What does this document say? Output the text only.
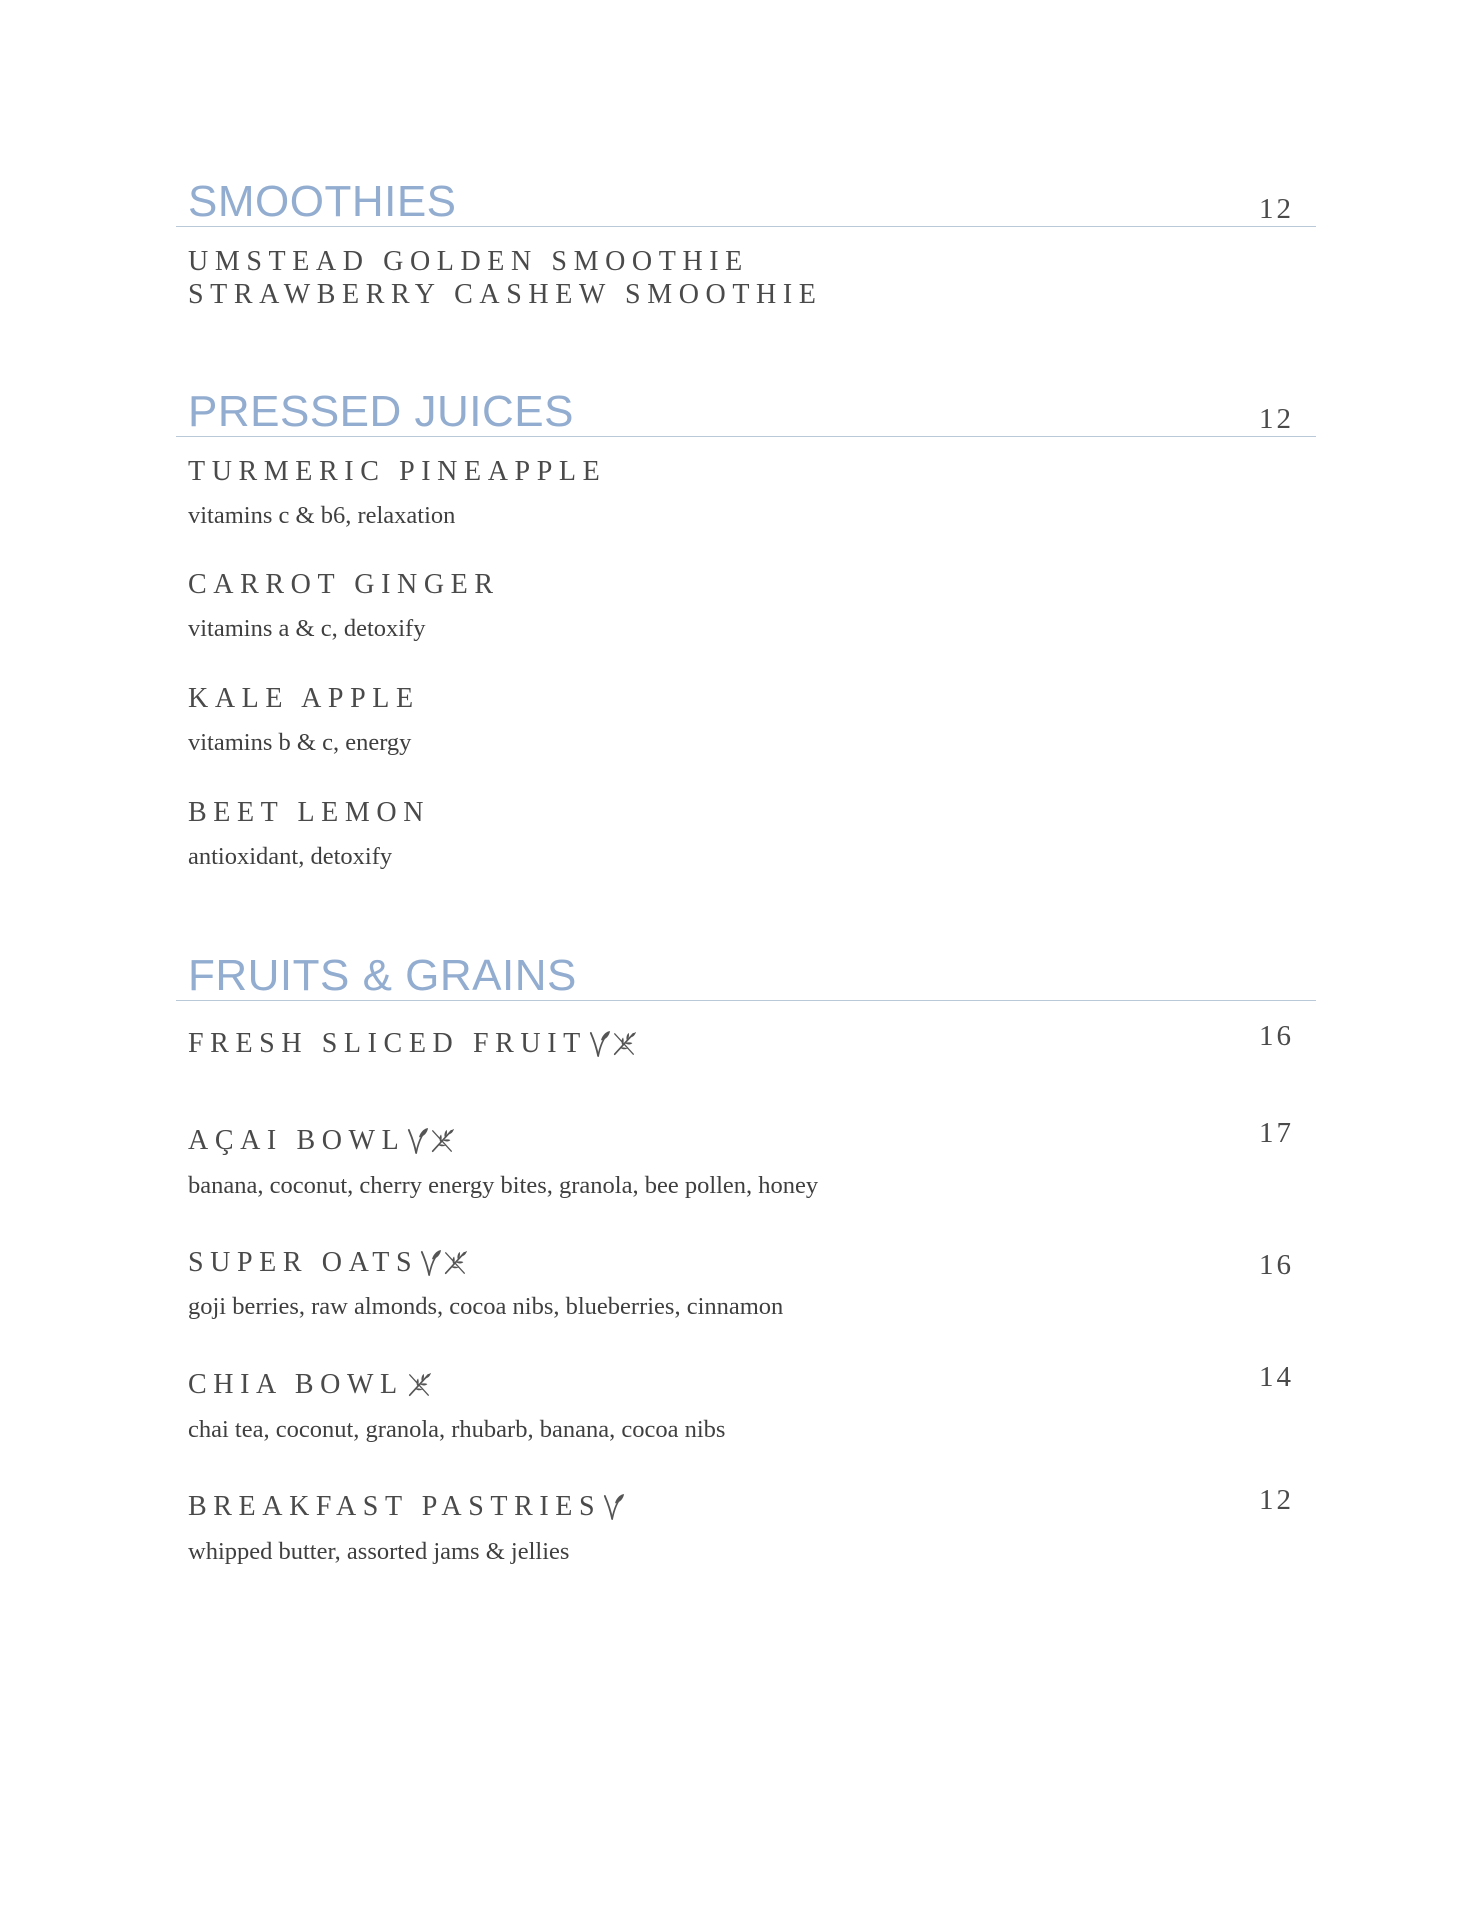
SMOOTHIES	12
UMSTEAD GOLDEN SMOOTHIE
STRAWBERRY CASHEW SMOOTHIE
PRESSED JUICES	12
TURMERIC PINEAPPLE
vitamins c & b6, relaxation
CARROT GINGER
vitamins a & c, detoxify
KALE APPLE
vitamins b & c, energy
BEET LEMON
antioxidant, detoxify
FRUITS & GRAINS
FRESH SLICED FRUIT	16
AÇAI BOWL	17
banana, coconut, cherry energy bites, granola, bee pollen, honey
SUPER OATS	16
goji berries, raw almonds, cocoa nibs, blueberries, cinnamon
CHIA BOWL	14
chai tea, coconut, granola, rhubarb, banana, cocoa nibs
BREAKFAST PASTRIES	12
whipped butter, assorted jams & jellies
